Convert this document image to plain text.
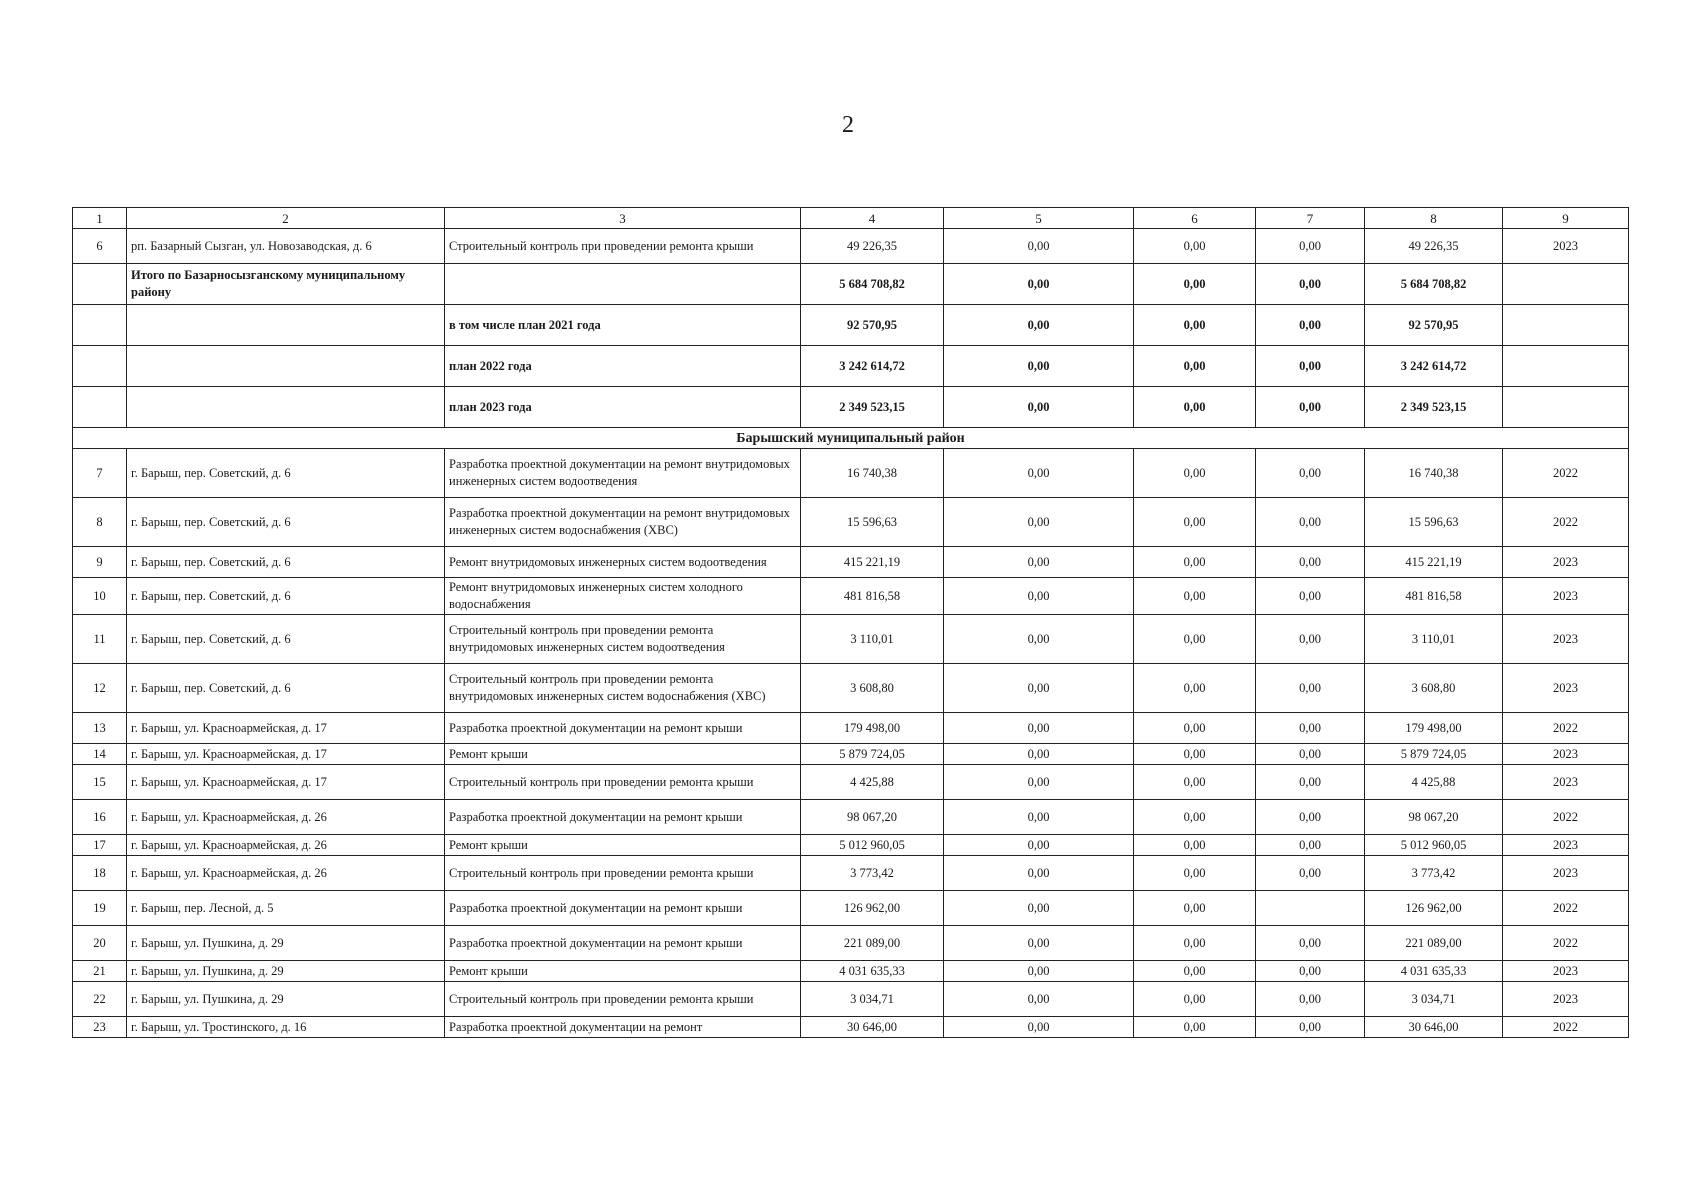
2
1	2	3	4	5	6	7	8	9
6	рп. Базарный Сызган, ул. Новозаводская, д. 6	Строительный контроль при проведении ремонта крыши	49 226,35	0,00	0,00	0,00	49 226,35	2023
	Итого по Базарносызганскому муниципальному району		5 684 708,82	0,00	0,00	0,00	5 684 708,82	
		в том числе план 2021 года	92 570,95	0,00	0,00	0,00	92 570,95	
		план 2022 года	3 242 614,72	0,00	0,00	0,00	3 242 614,72	
		план 2023 года	2 349 523,15	0,00	0,00	0,00	2 349 523,15	
Барышский муниципальный район								
7	г. Барыш, пер. Советский, д. 6	Разработка проектной документации на ремонт внутридомовых инженерных систем водоотведения	16 740,38	0,00	0,00	0,00	16 740,38	2022
8	г. Барыш, пер. Советский, д. 6	Разработка проектной документации на ремонт внутридомовых инженерных систем водоснабжения (ХВС)	15 596,63	0,00	0,00	0,00	15 596,63	2022
9	г. Барыш, пер. Советский, д. 6	Ремонт внутридомовых инженерных систем водоотведения	415 221,19	0,00	0,00	0,00	415 221,19	2023
10	г. Барыш, пер. Советский, д. 6	Ремонт внутридомовых инженерных систем холодного водоснабжения	481 816,58	0,00	0,00	0,00	481 816,58	2023
11	г. Барыш, пер. Советский, д. 6	Строительный контроль при проведении ремонта внутридомовых инженерных систем водоотведения	3 110,01	0,00	0,00	0,00	3 110,01	2023
12	г. Барыш, пер. Советский, д. 6	Строительный контроль при проведении ремонта внутридомовых инженерных систем водоснабжения (ХВС)	3 608,80	0,00	0,00	0,00	3 608,80	2023
13	г. Барыш, ул. Красноармейская, д. 17	Разработка проектной документации на ремонт крыши	179 498,00	0,00	0,00	0,00	179 498,00	2022
14	г. Барыш, ул. Красноармейская, д. 17	Ремонт крыши	5 879 724,05	0,00	0,00	0,00	5 879 724,05	2023
15	г. Барыш, ул. Красноармейская, д. 17	Строительный контроль при проведении ремонта крыши	4 425,88	0,00	0,00	0,00	4 425,88	2023
16	г. Барыш, ул. Красноармейская, д. 26	Разработка проектной документации на ремонт крыши	98 067,20	0,00	0,00	0,00	98 067,20	2022
17	г. Барыш, ул. Красноармейская, д. 26	Ремонт крыши	5 012 960,05	0,00	0,00	0,00	5 012 960,05	2023
18	г. Барыш, ул. Красноармейская, д. 26	Строительный контроль при проведении ремонта крыши	3 773,42	0,00	0,00	0,00	3 773,42	2023
19	г. Барыш, пер. Лесной, д. 5	Разработка проектной документации на ремонт крыши	126 962,00	0,00	0,00		126 962,00	2022
20	г. Барыш, ул. Пушкина, д. 29	Разработка проектной документации на ремонт крыши	221 089,00	0,00	0,00	0,00	221 089,00	2022
21	г. Барыш, ул. Пушкина, д. 29	Ремонт крыши	4 031 635,33	0,00	0,00	0,00	4 031 635,33	2023
22	г. Барыш, ул. Пушкина, д. 29	Строительный контроль при проведении ремонта крыши	3 034,71	0,00	0,00	0,00	3 034,71	2023
23	г. Барыш, ул. Тростинского, д. 16	Разработка проектной документации на ремонт	30 646,00	0,00	0,00	0,00	30 646,00	2022
